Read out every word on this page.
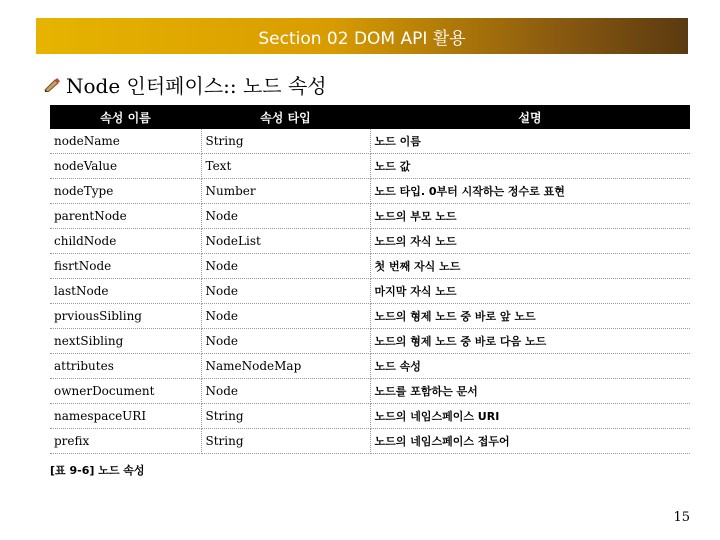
Section 02 DOM API 활용
Node 인터페이스:: 노드 속성
속성 이름	속성 타입	설명
nodeName	String	노드 이름
nodeValue	Text	노드 값
nodeType	Number	노드 타입. 0부터 시작하는 정수로 표현
parentNode	Node	노드의 부모 노드
childNode	NodeList	노드의 자식 노드
fisrtNode	Node	첫 번째 자식 노드
lastNode	Node	마지막 자식 노드
prviousSibling	Node	노드의 형제 노드 중 바로 앞 노드
nextSibling	Node	노드의 형제 노드 중 바로 다음 노드
attributes	NameNodeMap	노드 속성
ownerDocument	Node	노드를 포함하는 문서
namespaceURI	String	노드의 네임스페이스 URI
prefix	String	노드의 네임스페이스 접두어
[표 9-6] 노드 속성
15
